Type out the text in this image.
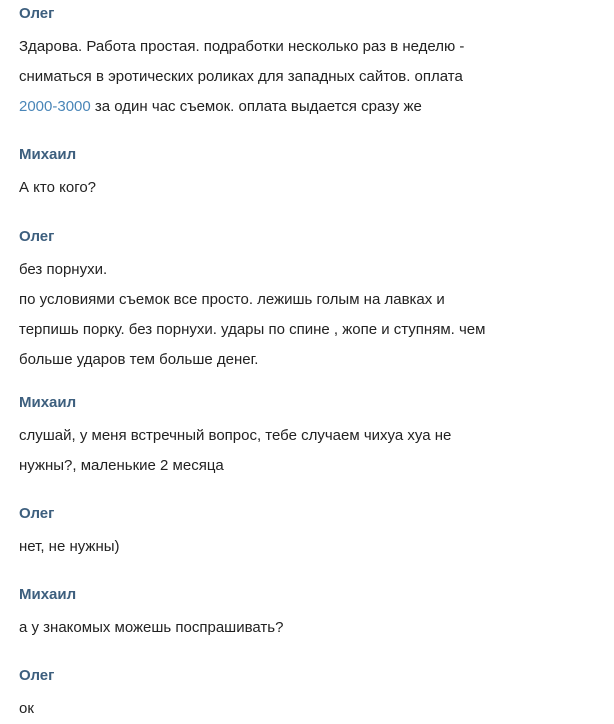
Олег
Здарова. Работа простая. подработки несколько раз в неделю -
сниматься в эротических роликах для западных сайтов. оплата
2000-3000 за один час съемок. оплата выдается сразу же
Михаил
А кто кого?
Олег
без порнухи.
по условиями съемок все просто. лежишь голым на лавках и
терпишь порку. без порнухи. удары по спине , жопе и ступням. чем
больше ударов тем больше денег.
Михаил
слушай, у меня встречный вопрос, тебе случаем чихуа хуа не
нужны?, маленькие 2 месяца
Олег
нет, не нужны)
Михаил
а у знакомых можешь поспрашивать?
Олег
ок
